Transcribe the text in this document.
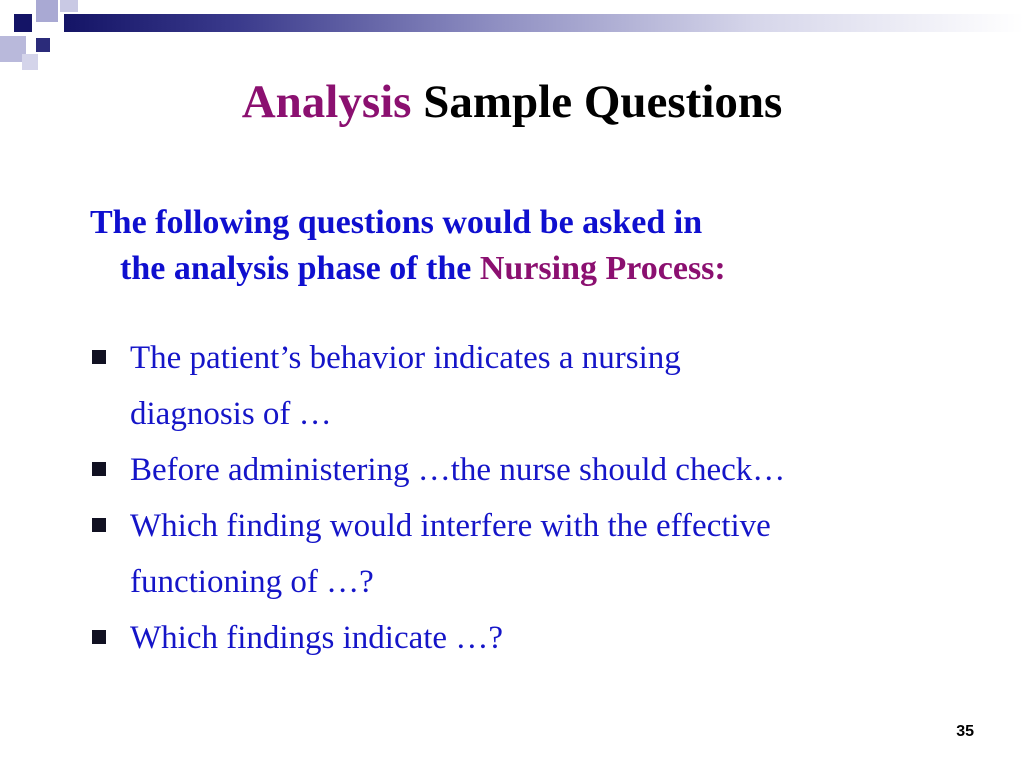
Analysis Sample Questions

The following questions would be asked in
the analysis phase of the Nursing Process:

The patient’s behavior indicates a nursing
diagnosis of …
Before administering …the nurse should check…
Which finding would interfere with the effective
functioning of …?
Which findings indicate …?
35
